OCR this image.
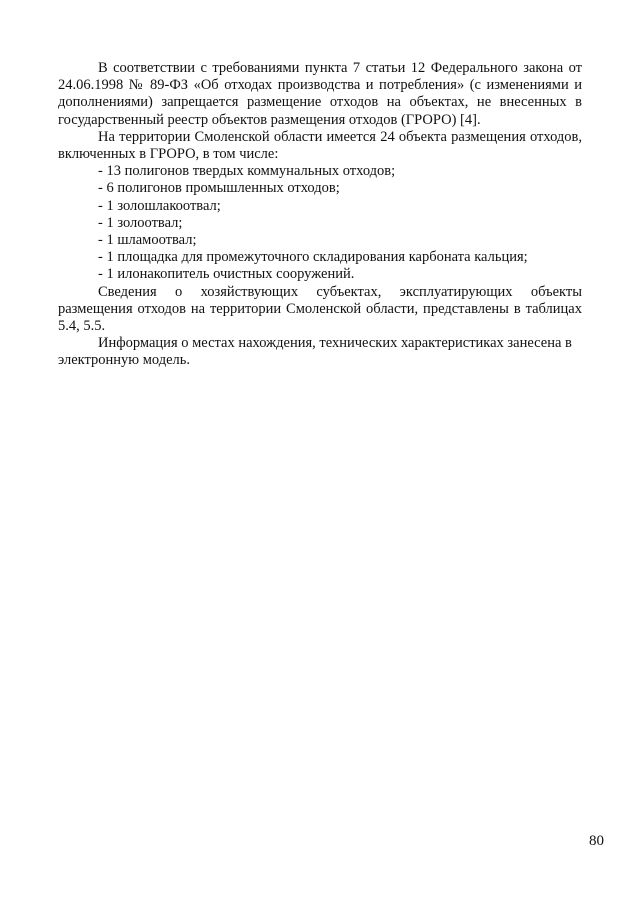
В соответствии с требованиями пункта 7 статьи 12 Федерального закона от 24.06.1998 № 89-ФЗ «Об отходах производства и потребления» (с изменениями и дополнениями) запрещается размещение отходов на объектах, не внесенных в государственный реестр объектов размещения отходов (ГРОРО) [4].

На территории Смоленской области имеется 24 объекта размещения отходов, включенных в ГРОРО, в том числе:

- 13 полигонов твердых коммунальных отходов;
- 6 полигонов промышленных отходов;
- 1 золошлакоотвал;
- 1 золоотвал;
- 1 шламоотвал;
- 1 площадка для промежуточного складирования карбоната кальция;
- 1 илонакопитель очистных сооружений.

Сведения о хозяйствующих субъектах, эксплуатирующих объекты размещения отходов на территории Смоленской области, представлены в таблицах 5.4, 5.5.

Информация о местах нахождения, технических характеристиках занесена в электронную модель.

80
